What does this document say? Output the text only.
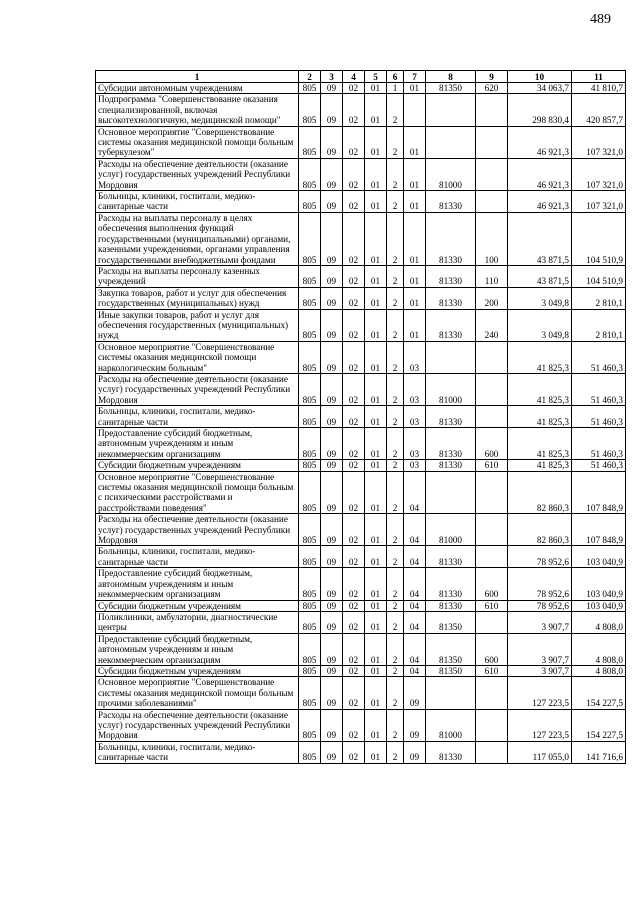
489
1	2	3	4	5	6	7	8	9	10	11
Субсидии автономным учреждениям	805	09	02	01	1	01	81350	620	34 063,7	41 810,7
Подпрограмма "Совершенствование оказания специализированной, включая высокотехнологичную, медицинской помощи"	805	09	02	01	2				298 830,4	420 857,7
Основное мероприятие "Совершенствование системы оказания медицинской помощи больным туберкулезом"	805	09	02	01	2	01			46 921,3	107 321,0
Расходы на обеспечение деятельности (оказание услуг) государственных учреждений Республики Мордовия	805	09	02	01	2	01	81000		46 921,3	107 321,0
Больницы, клиники, госпитали, медико-санитарные части	805	09	02	01	2	01	81330		46 921,3	107 321,0
Расходы на выплаты персоналу в целях обеспечения выполнения функций государственными (муниципальными) органами, казенными учреждениями, органами управления государственными внебюджетными фондами	805	09	02	01	2	01	81330	100	43 871,5	104 510,9
Расходы на выплаты персоналу казенных учреждений	805	09	02	01	2	01	81330	110	43 871,5	104 510,9
Закупка товаров, работ и услуг для обеспечения государственных (муниципальных) нужд	805	09	02	01	2	01	81330	200	3 049,8	2 810,1
Иные закупки товаров, работ и услуг для обеспечения государственных (муниципальных) нужд	805	09	02	01	2	01	81330	240	3 049,8	2 810,1
Основное мероприятие "Совершенствование системы оказания медицинской помощи наркологическим больным"	805	09	02	01	2	03			41 825,3	51 460,3
Расходы на обеспечение деятельности (оказание услуг) государственных учреждений Республики Мордовия	805	09	02	01	2	03	81000		41 825,3	51 460,3
Больницы, клиники, госпитали, медико-санитарные части	805	09	02	01	2	03	81330		41 825,3	51 460,3
Предоставление субсидий бюджетным, автономным учреждениям и иным некоммерческим организациям	805	09	02	01	2	03	81330	600	41 825,3	51 460,3
Субсидии бюджетным учреждениям	805	09	02	01	2	03	81330	610	41 825,3	51 460,3
Основное мероприятие "Совершенствование системы оказания медицинской помощи больным с психическими расстройствами и расстройствами поведения"	805	09	02	01	2	04			82 860,3	107 848,9
Расходы на обеспечение деятельности (оказание услуг) государственных учреждений Республики Мордовия	805	09	02	01	2	04	81000		82 860,3	107 848,9
Больницы, клиники, госпитали, медико-санитарные части	805	09	02	01	2	04	81330		78 952,6	103 040,9
Предоставление субсидий бюджетным, автономным учреждениям и иным некоммерческим организациям	805	09	02	01	2	04	81330	600	78 952,6	103 040,9
Субсидии бюджетным учреждениям	805	09	02	01	2	04	81330	610	78 952,6	103 040,9
Поликлиники, амбулатории, диагностические центры	805	09	02	01	2	04	81350		3 907,7	4 808,0
Предоставление субсидий бюджетным, автономным учреждениям и иным некоммерческим организациям	805	09	02	01	2	04	81350	600	3 907,7	4 808,0
Субсидии бюджетным учреждениям	805	09	02	01	2	04	81350	610	3 907,7	4 808,0
Основное мероприятие "Совершенствование системы оказания медицинской помощи больным прочими заболеваниями"	805	09	02	01	2	09			127 223,5	154 227,5
Расходы на обеспечение деятельности (оказание услуг) государственных учреждений Республики Мордовия	805	09	02	01	2	09	81000		127 223,5	154 227,5
Больницы, клиники, госпитали, медико-санитарные части	805	09	02	01	2	09	81330		117 055,0	141 716,6
